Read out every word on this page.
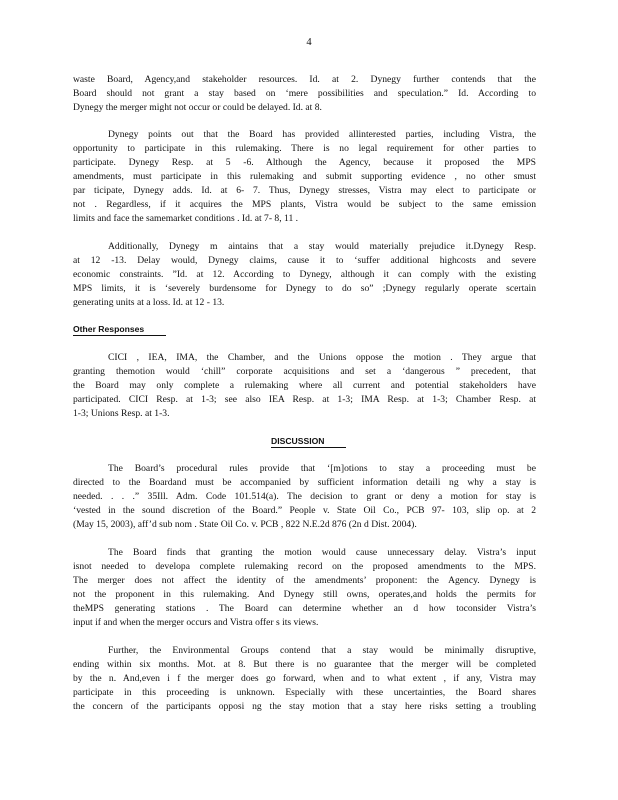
4
waste Board, Agency,and stakeholder resources. Id. at 2. Dynegy further contends that the
Board should not grant a stay based on ‘mere possibilities and speculation.” Id. According to
Dynegy the merger might not occur or could be delayed. Id. at 8.
Dynegy points out that the Board has provided allinterested parties, including Vistra, the
opportunity to participate in this rulemaking. There is no legal requirement for other parties to
participate. Dynegy Resp. at 5 -6. Although the Agency, because it proposed the MPS
amendments, must participate in this rulemaking and submit supporting evidence , no other smust
par ticipate, Dynegy adds. Id. at 6- 7. Thus, Dynegy stresses, Vistra may elect to participate or
not . Regardless, if it acquires the MPS plants, Vistra would be subject to the same emission
limits and face the samemarket conditions . Id. at 7- 8, 11 .
Additionally, Dynegy m aintains that a stay would materially prejudice it.Dynegy Resp.
at 12 -13. Delay would, Dynegy claims, cause it to ‘suffer additional highcosts and severe
economic constraints. ”Id. at 12. According to Dynegy, although it can comply with the existing
MPS limits, it is ‘severely burdensome for Dynegy to do so” ;Dynegy regularly operate scertain
generating units at a loss. Id. at 12 - 13.
Other Responses
CICI , IEA, IMA, the Chamber, and the Unions oppose the motion . They argue that
granting themotion would ‘chill” corporate acquisitions and set a ‘dangerous ” precedent, that
the Board may only complete a rulemaking where all current and potential stakeholders have
participated. CICI Resp. at 1-3; see also IEA Resp. at 1-3; IMA Resp. at 1-3; Chamber Resp. at
1-3; Unions Resp. at 1-3.
DISCUSSION
The Board’s procedural rules provide that ‘[m]otions to stay a proceeding must be
directed to the Boardand must be accompanied by sufficient information detaili ng why a stay is
needed. . . .” 35Ill. Adm. Code 101.514(a). The decision to grant or deny a motion for stay is
‘vested in the sound discretion of the Board.” People v. State Oil Co., PCB 97- 103, slip op. at 2
(May 15, 2003), aff’d sub nom . State Oil Co. v. PCB , 822 N.E.2d 876 (2n d Dist. 2004).
The Board finds that granting the motion would cause unnecessary delay. Vistra’s input
isnot needed to developa complete rulemaking record on the proposed amendments to the MPS.
The merger does not affect the identity of the amendments’ proponent: the Agency. Dynegy is
not the proponent in this rulemaking. And Dynegy still owns, operates,and holds the permits for
theMPS generating stations . The Board can determine whether an d how toconsider Vistra’s
input if and when the merger occurs and Vistra offer s its views.
Further, the Environmental Groups contend that a stay would be minimally disruptive,
ending within six months. Mot. at 8. But there is no guarantee that the merger will be completed
by the n. And,even i f the merger does go forward, when and to what extent , if any, Vistra may
participate in this proceeding is unknown. Especially with these uncertainties, the Board shares
the concern of the participants opposi ng the stay motion that a stay here risks setting a troubling
